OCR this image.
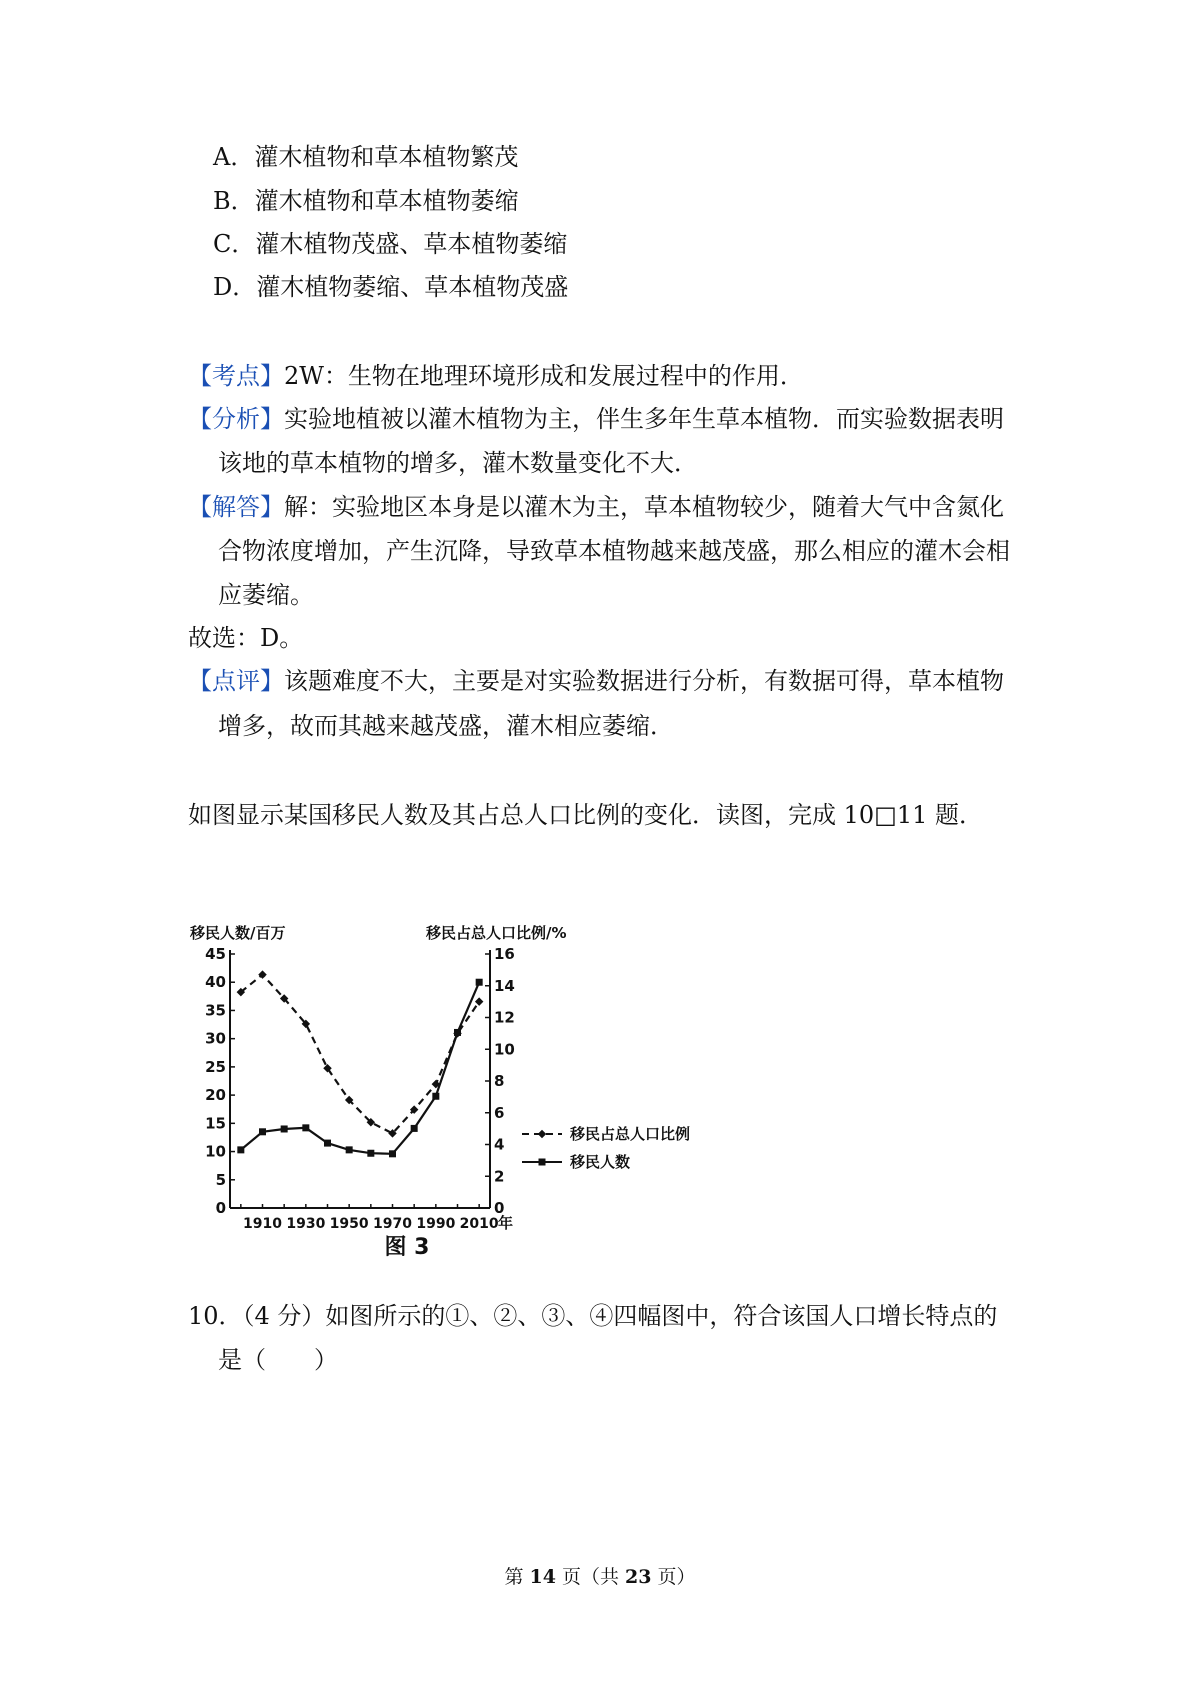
A．灌木植物和草本植物繁茂
B．灌木植物和草本植物萎缩
C．灌木植物茂盛、草本植物萎缩
D．灌木植物萎缩、草本植物茂盛
【考点】2W：生物在地理环境形成和发展过程中的作用．
【分析】实验地植被以灌木植物为主，伴生多年生草本植物．而实验数据表明
该地的草本植物的增多，灌木数量变化不大．
【解答】解：实验地区本身是以灌木为主，草本植物较少，随着大气中含氮化
合物浓度增加，产生沉降，导致草本植物越来越茂盛，那么相应的灌木会相
应萎缩。
故选：D。
【点评】该题难度不大，主要是对实验数据进行分析，有数据可得，草本植物
增多，故而其越来越茂盛，灌木相应萎缩．
如图显示某国移民人数及其占总人口比例的变化．读图，完成 10□11 题．
0
5
10
15
20
25
30
35
40
45
0
2
4
6
8
10
12
14
16
1910 1930 1950 1970 1990 2010 年
移民人数/百万	移民占总人口比例/%
移民占总人口比例
移民人数
图 3
10．（4 分）如图所示的①、②、③、④四幅图中，符合该国人口增长特点的
是（　　）
第 14 页（共 23 页）
